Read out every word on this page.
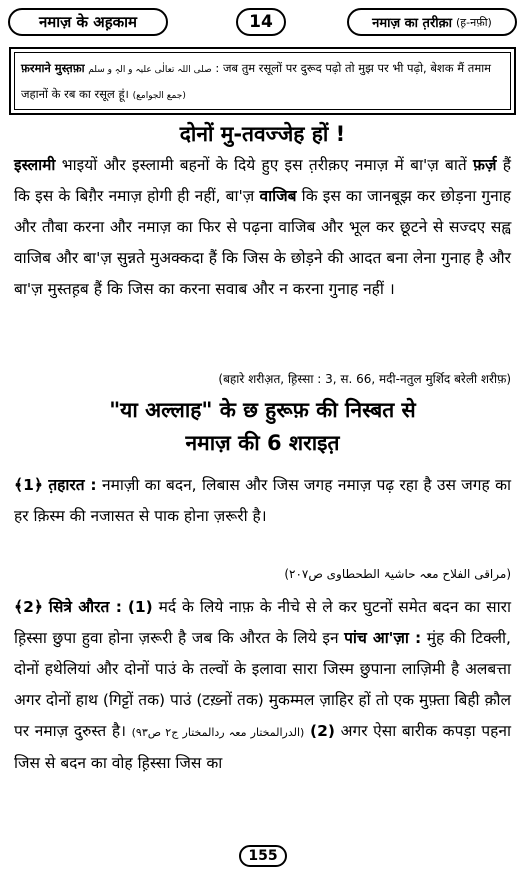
नमाज़ के अह़काम	14	नमाज़ का त़रीक़ा (ह़-नफ़ी)
फ़रमाने मुस्त़फ़ा صلی اللہ تعالٰی علیہ و الہٖ و سلم : जब तुम रसूलों पर दुरूद पढ़ो तो मुझ पर भी पढ़ो, बेशक मैं तमाम
जहानों के रब का रसूल हूं। (جمع الجوامع)
दोनों मु-तवज्जेह हों !
इस्लामी भाइयों और इस्लामी बहनों के दिये हुए इस त़रीक़ए नमाज़ में बा'ज़ बातें फ़र्ज़ हैं कि इस के बिग़ैर नमाज़ होगी ही नहीं, बा'ज़ वाजिब कि इस का जानबूझ कर छोड़ना गुनाह और तौबा करना और नमाज़ का फिर से पढ़ना वाजिब और भूल कर छूटने से सज्दए सह्व वाजिब और बा'ज़ सुन्नते मुअक्कदा हैं कि जिस के छोड़ने की आदत बना लेना गुनाह है और बा'ज़ मुस्तह़ब हैं कि जिस का करना सवाब और न करना गुनाह नहीं ।
(बहारे शरीअ़त, ह़िस्सा : 3, स. 66, मदी-नतुल मुर्शिद बरेली शरीफ़)
"या अल्लाह" के छ हुरूफ़ की निस्बत से
नमाज़ की 6 शराइत़
﴾1﴿ त़हारत : नमाज़ी का बदन, लिबास और जिस जगह नमाज़ पढ़ रहा है उस जगह का हर क़िस्म की नजासत से पाक होना ज़रूरी है।
(مراقی الفلاح معہ حاشیۃ الطحطاوی ص۲۰۷)
﴾2﴿ सित्रे औरत : (1) मर्द के लिये नाफ़ के नीचे से ले कर घुटनों समेत बदन का सारा ह़िस्सा छुपा हुवा होना ज़रूरी है जब कि औरत के लिये इन पांच आ'ज़ा : मुंह की टिक्ली, दोनों हथेलियां और दोनों पाउं के तल्वों के इलावा सारा जिस्म छुपाना लाज़िमी है अलबत्ता अगर दोनों हाथ (गिट्टों तक) पाउं (टख़्नों तक) मुकम्मल ज़ाहिर हों तो एक मुफ़्ता बिही क़ौल पर नमाज़ दुरुस्त है। (الدرالمختار معہ ردالمختار ج۲ ص۹۳) (2) अगर ऐसा बारीक कपड़ा पहना जिस से बदन का वोह ह़िस्सा जिस का
155
